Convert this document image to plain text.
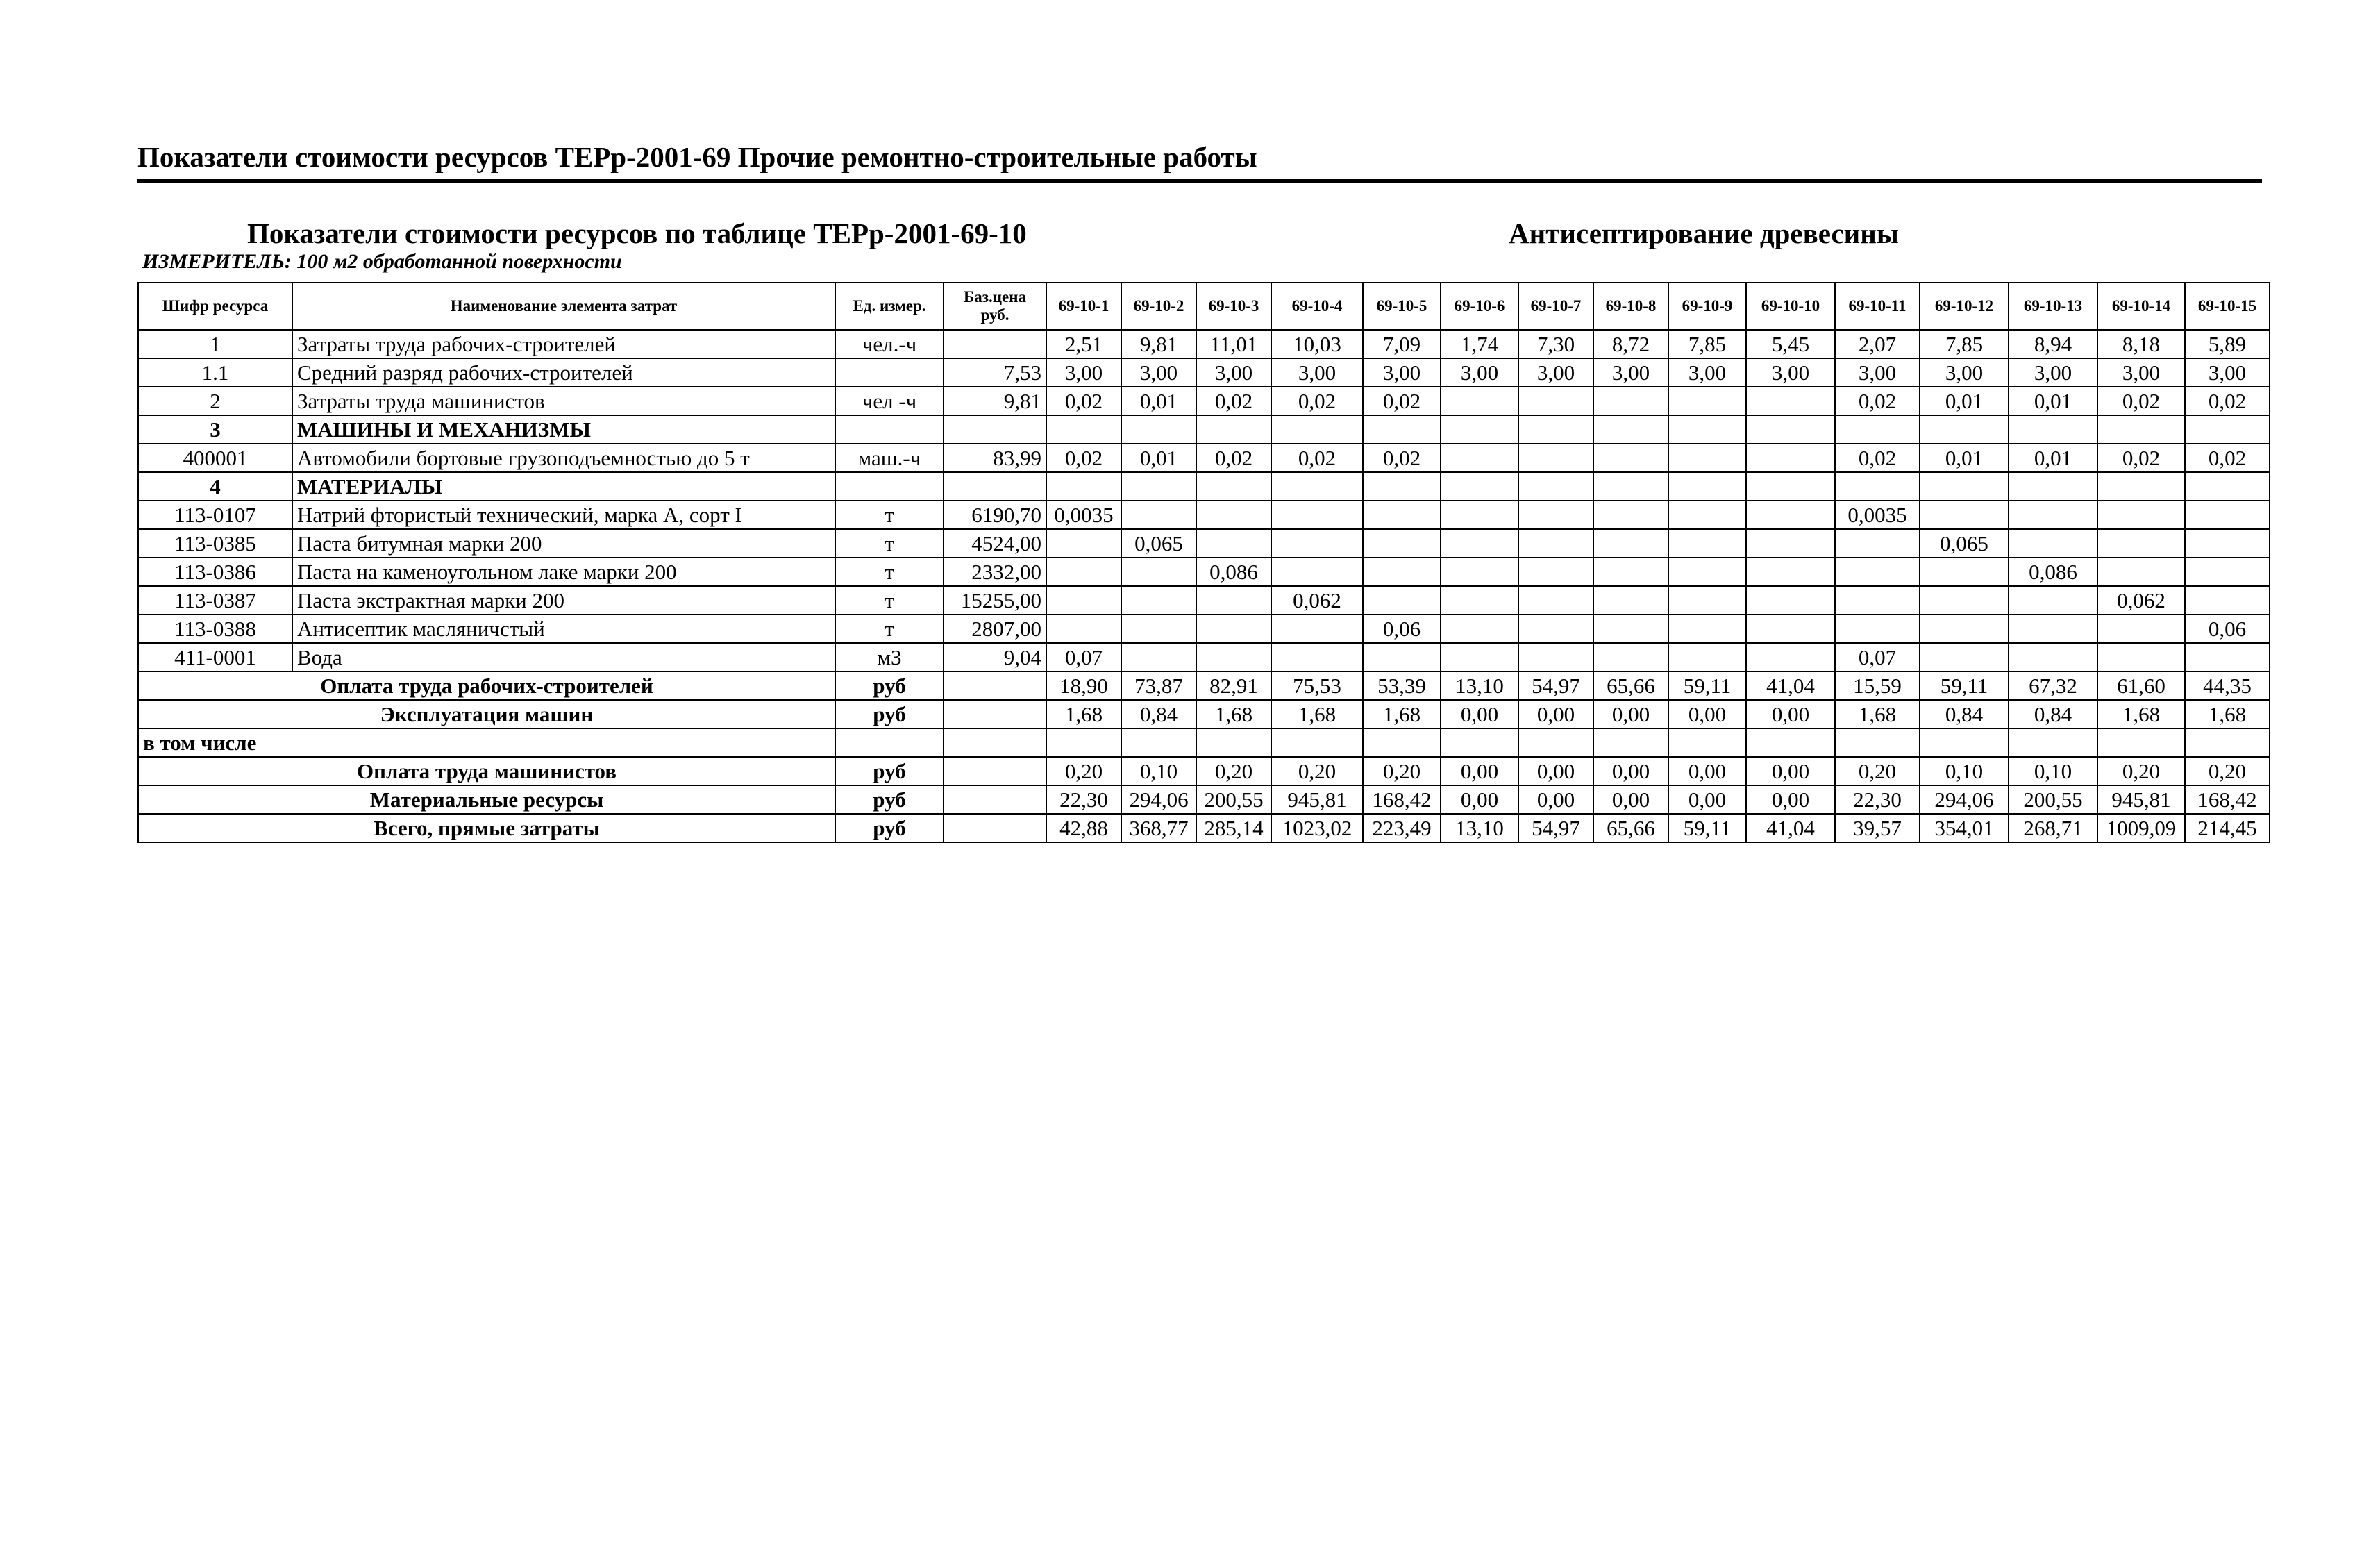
Показатели стоимости ресурсов ТЕРр-2001-69 Прочие ремонтно-строительные работы
Показатели стоимости ресурсов по таблице ТЕРр-2001-69-10	Антисептирование древесины
ИЗМЕРИТЕЛЬ: 100 м2 обработанной поверхности
Шифр ресурса	Наименование элемента затрат	Ед. измер.	Баз.цена руб.	69-10-1	69-10-2	69-10-3	69-10-4	69-10-5	69-10-6	69-10-7	69-10-8	69-10-9	69-10-10	69-10-11	69-10-12	69-10-13	69-10-14	69-10-15
1	Затраты труда рабочих-строителей	чел.-ч		2,51	9,81	11,01	10,03	7,09	1,74	7,30	8,72	7,85	5,45	2,07	7,85	8,94	8,18	5,89
1.1	Средний разряд рабочих-строителей		7,53	3,00	3,00	3,00	3,00	3,00	3,00	3,00	3,00	3,00	3,00	3,00	3,00	3,00	3,00	3,00
2	Затраты труда машинистов	чел -ч	9,81	0,02	0,01	0,02	0,02	0,02						0,02	0,01	0,01	0,02	0,02
3	МАШИНЫ И МЕХАНИЗМЫ																	
400001	Автомобили бортовые грузоподъемностью до 5 т	маш.-ч	83,99	0,02	0,01	0,02	0,02	0,02						0,02	0,01	0,01	0,02	0,02
4	МАТЕРИАЛЫ																	
113-0107	Натрий фтористый технический, марка А, сорт I	т	6190,70	0,0035										0,0035				
113-0385	Паста битумная марки 200	т	4524,00		0,065										0,065			
113-0386	Паста на каменоугольном лаке марки 200	т	2332,00			0,086										0,086		
113-0387	Паста экстрактная марки 200	т	15255,00				0,062										0,062	
113-0388	Антисептик масляничстый	т	2807,00					0,06										0,06
411-0001	Вода	м3	9,04	0,07										0,07				
Оплата труда рабочих-строителей		руб		18,90	73,87	82,91	75,53	53,39	13,10	54,97	65,66	59,11	41,04	15,59	59,11	67,32	61,60	44,35
Эксплуатация машин		руб		1,68	0,84	1,68	1,68	1,68	0,00	0,00	0,00	0,00	0,00	1,68	0,84	0,84	1,68	1,68
в том числе																		
Оплата труда машинистов		руб		0,20	0,10	0,20	0,20	0,20	0,00	0,00	0,00	0,00	0,00	0,20	0,10	0,10	0,20	0,20
Материальные ресурсы		руб		22,30	294,06	200,55	945,81	168,42	0,00	0,00	0,00	0,00	0,00	22,30	294,06	200,55	945,81	168,42
Всего, прямые затраты		руб		42,88	368,77	285,14	1023,02	223,49	13,10	54,97	65,66	59,11	41,04	39,57	354,01	268,71	1009,09	214,45
